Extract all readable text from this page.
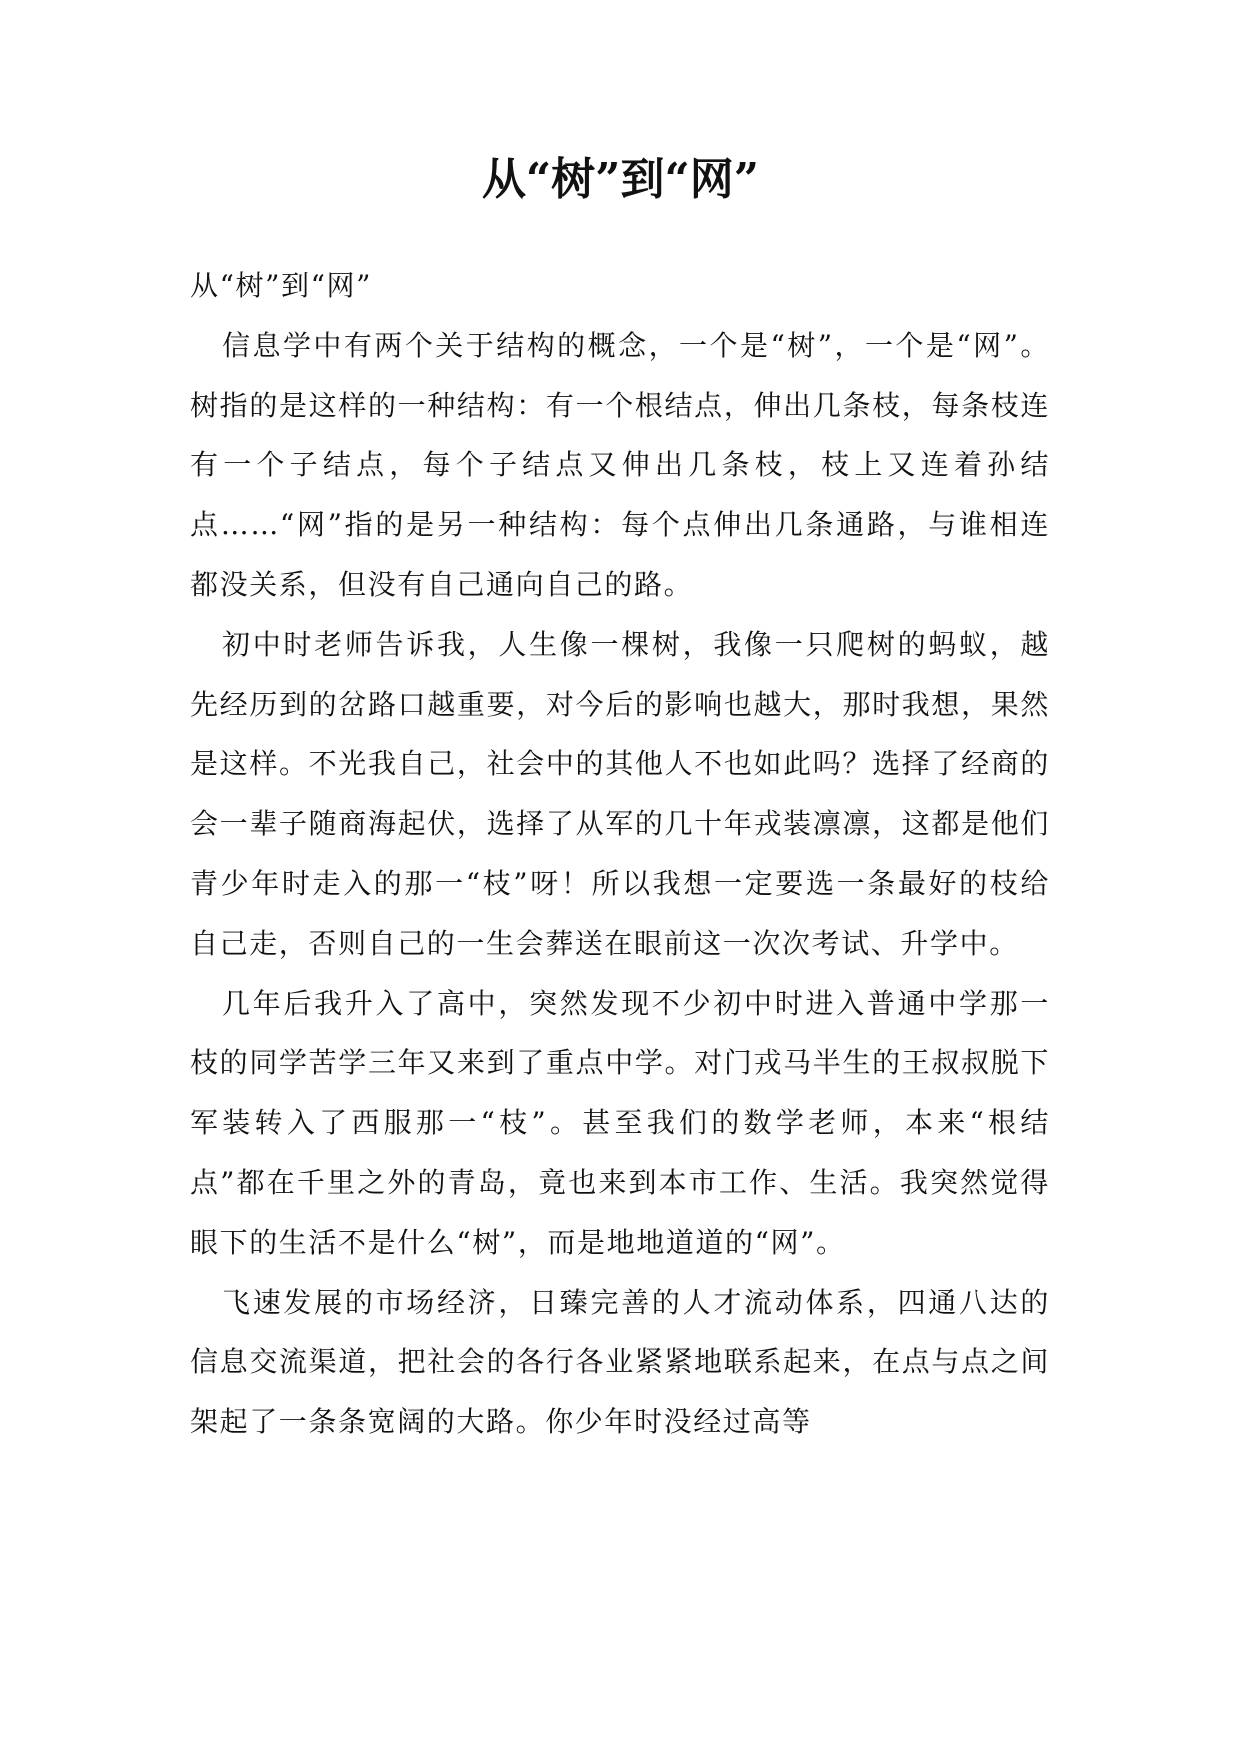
从“树”到“网”

从“树”到“网”

信息学中有两个关于结构的概念，一个是“树”，一个是“网”。树指的是这样的一种结构：有一个根结点，伸出几条枝，每条枝连有一个子结点，每个子结点又伸出几条枝，枝上又连着孙结点……“网”指的是另一种结构：每个点伸出几条通路，与谁相连都没关系，但没有自己通向自己的路。

初中时老师告诉我，人生像一棵树，我像一只爬树的蚂蚁，越先经历到的岔路口越重要，对今后的影响也越大，那时我想，果然是这样。不光我自己，社会中的其他人不也如此吗？选择了经商的会一辈子随商海起伏，选择了从军的几十年戎装凛凛，这都是他们青少年时走入的那一“枝”呀！所以我想一定要选一条最好的枝给自己走，否则自己的一生会葬送在眼前这一次次考试、升学中。

几年后我升入了高中，突然发现不少初中时进入普通中学那一枝的同学苦学三年又来到了重点中学。对门戎马半生的王叔叔脱下军装转入了西服那一“枝”。甚至我们的数学老师，本来“根结点”都在千里之外的青岛，竟也来到本市工作、生活。我突然觉得眼下的生活不是什么“树”，而是地地道道的“网”。

飞速发展的市场经济，日臻完善的人才流动体系，四通八达的信息交流渠道，把社会的各行各业紧紧地联系起来，在点与点之间架起了一条条宽阔的大路。你少年时没经过高等
